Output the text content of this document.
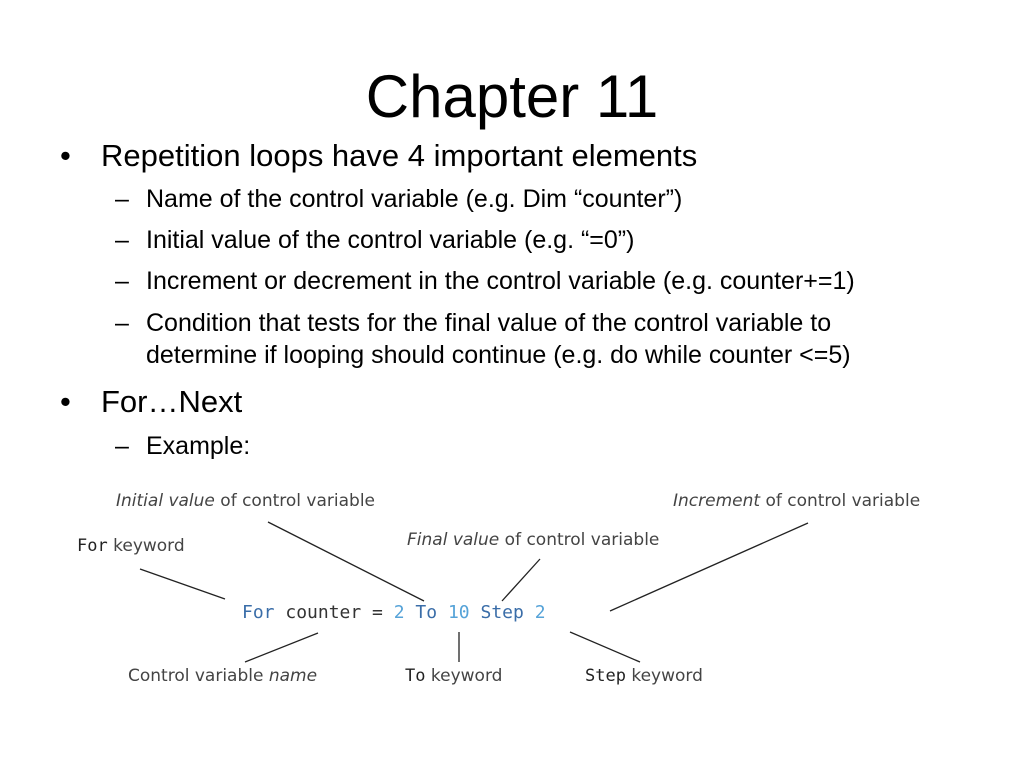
Chapter 11
• Repetition loops have 4 important elements
– Name of the control variable (e.g. Dim “counter”)
– Initial value of the control variable (e.g. “=0”)
– Increment or decrement in the control variable (e.g. counter+=1)
– Condition that tests for the final value of the control variable to
determine if looping should continue (e.g. do while counter <=5)
• For…Next
– Example:
Initial value of control variable
For keyword	Final value of control variable
Increment of control variable
For counter = 2 To 10 Step 2
Control variable name	To keyword	Step keyword
